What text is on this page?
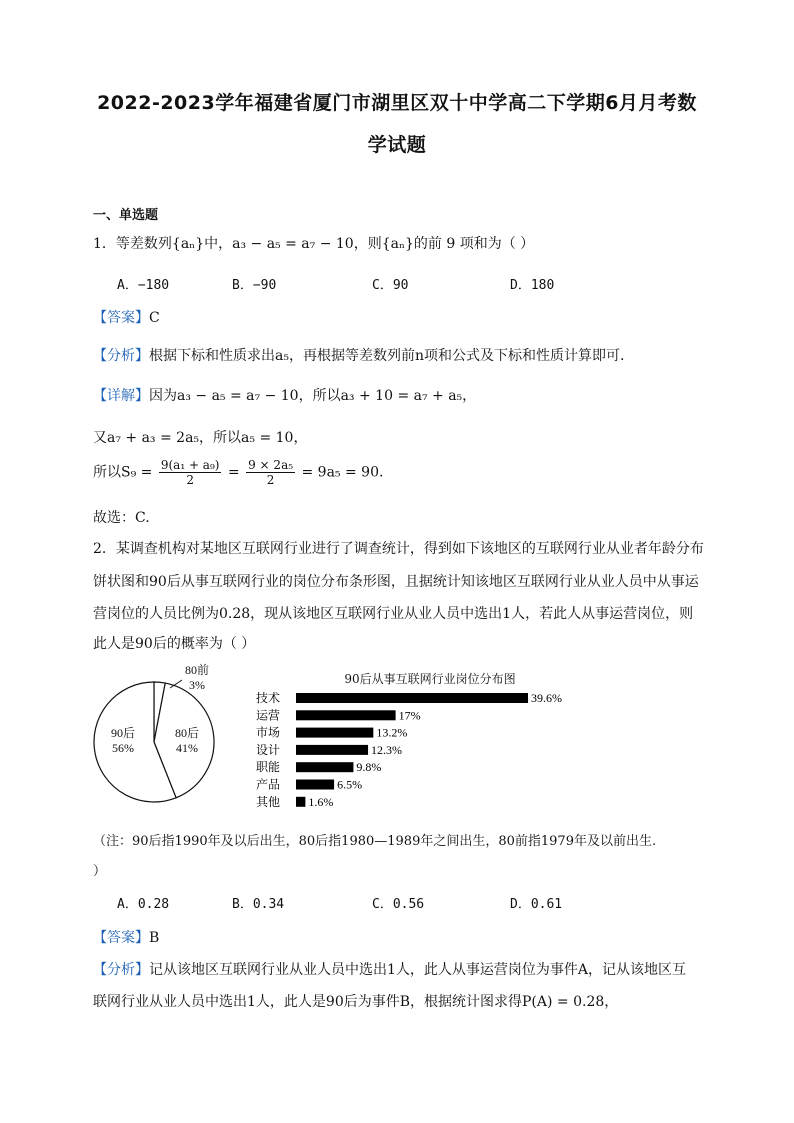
2022-2023学年福建省厦门市湖里区双十中学高二下学期6月月考数
学试题
一、单选题
1．等差数列{aₙ}中，a₃ − a₅ = a₇ − 10，则{aₙ}的前 9 项和为（ ）
A．−180	B．−90	C．90	D．180
【答案】C
【分析】根据下标和性质求出a₅，再根据等差数列前n项和公式及下标和性质计算即可.
【详解】因为a₃ − a₅ = a₇ − 10，所以a₃ + 10 = a₇ + a₅，
又a₇ + a₃ = 2a₅，所以a₅ = 10，
所以$S_9 = \frac{\text{9(a₁ + a₉)}}{2} = \frac{\text{9 × 2a₅}}{2} = 9a_5 = 90$.
故选：C.
2．某调查机构对某地区互联网行业进行了调查统计，得到如下该地区的互联网行业从业者年龄分布
饼状图和90后从事互联网行业的岗位分布条形图，且据统计知该地区互联网行业从业人员中从事运
营岗位的人员比例为0.28，现从该地区互联网行业从业人员中选出1人，若此人从事运营岗位，则
此人是90后的概率为（ ）
80前
3%
80后
41%
90后
56%
90后从事互联网行业岗位分布图
技术	39.6%
运营	17%
市场	13.2%
设计	12.3%
职能	9.8%
产品	6.5%
其他 1.6%
（注：90后指1990年及以后出生，80后指1980—1989年之间出生，80前指1979年及以前出生.
）
A．0.28	B．0.34	C．0.56	D．0.61
【答案】B
【分析】记从该地区互联网行业从业人员中选出1人，此人从事运营岗位为事件A，记从该地区互
联网行业从业人员中选出1人，此人是90后为事件B，根据统计图求得P(A) = 0.28，
